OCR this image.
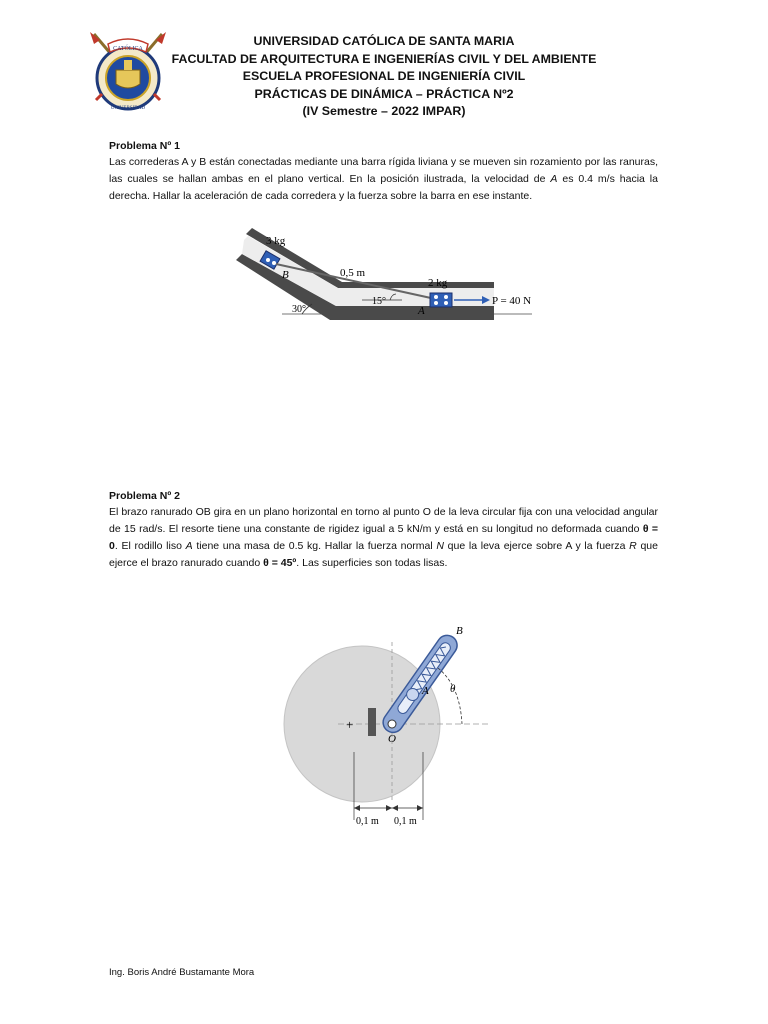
CATÓLICA
UNIVERSIDAD
UNIVERSIDAD CATÓLICA DE SANTA MARIA
FACULTAD DE ARQUITECTURA E INGENIERÍAS CIVIL Y DEL AMBIENTE
ESCUELA PROFESIONAL DE INGENIERÍA CIVIL
PRÁCTICAS DE DINÁMICA – PRÁCTICA Nº2
(IV Semestre – 2022 IMPAR)
Problema Nº 1
Las correderas A y B están conectadas mediante una barra rígida liviana y se mueven sin rozamiento por las ranuras, las cuales se hallan ambas en el plano vertical. En la posición ilustrada, la velocidad de A es 0.4 m/s hacia la derecha. Hallar la aceleración de cada corredera y la fuerza sobre la barra en ese instante.
3 kg
B	0,5 m
2 kg
15°
A
P = 40 N
30°
Problema Nº 2
El brazo ranurado OB gira en un plano horizontal en torno al punto O de la leva circular fija con una velocidad angular de 15 rad/s. El resorte tiene una constante de rigidez igual a 5 kN/m y está en su longitud no deformada cuando θ = 0. El rodillo liso A tiene una masa de 0.5 kg. Hallar la fuerza normal N que la leva ejerce sobre A y la fuerza R que ejerce el brazo ranurado cuando θ = 45º. Las superficies son todas lisas.
B
A θ
O
+
0,1 m 0,1 m
Ing. Boris André Bustamante Mora
